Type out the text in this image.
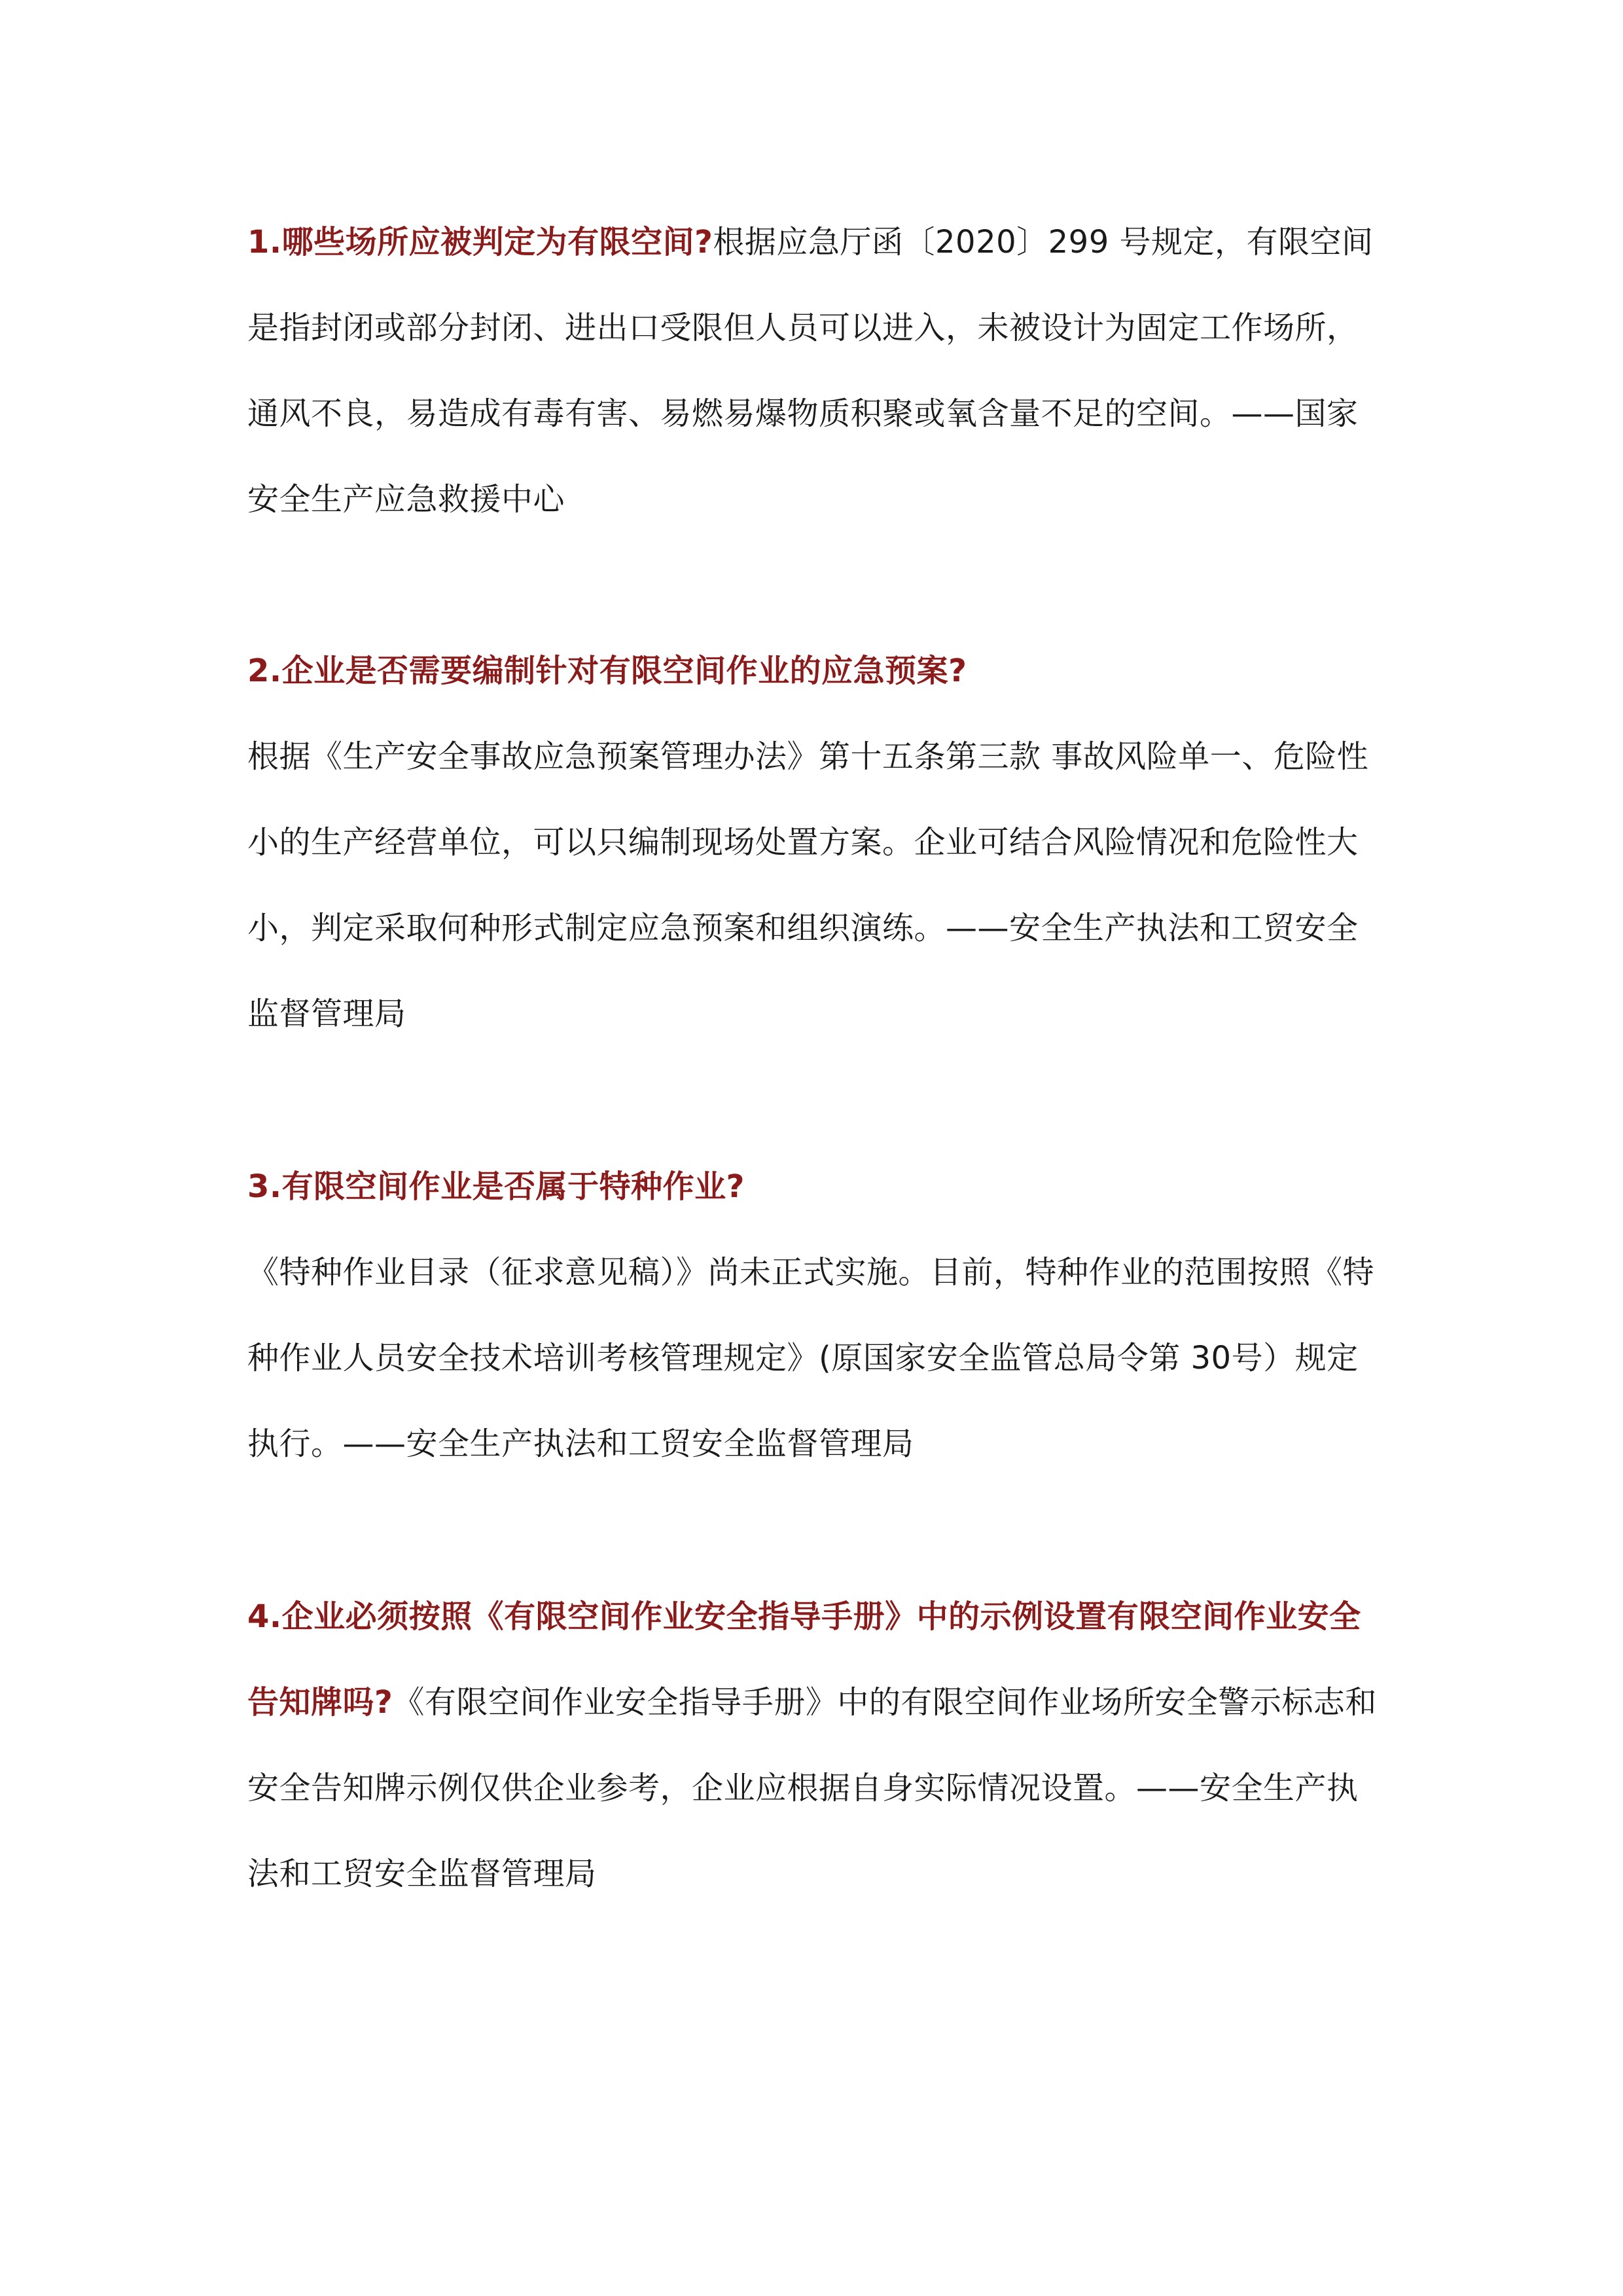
1.哪些场所应被判定为有限空间?根据应急厅函〔2020〕299 号规定，有限空间是指封闭或部分封闭、进出口受限但人员可以进入，未被设计为固定工作场所，通风不良，易造成有毒有害、易燃易爆物质积聚或氧含量不足的空间。——国家安全生产应急救援中心

2.企业是否需要编制针对有限空间作业的应急预案?
根据《生产安全事故应急预案管理办法》第十五条第三款 事故风险单一、危险性小的生产经营单位，可以只编制现场处置方案。企业可结合风险情况和危险性大小，判定采取何种形式制定应急预案和组织演练。——安全生产执法和工贸安全监督管理局
3.有限空间作业是否属于特种作业?
《特种作业目录（征求意见稿）》尚未正式实施。目前，特种作业的范围按照《特种作业人员安全技术培训考核管理规定》(原国家安全监管总局令第 30号）规定执行。——安全生产执法和工贸安全监督管理局

4.企业必须按照《有限空间作业安全指导手册》中的示例设置有限空间作业安全告知牌吗?《有限空间作业安全指导手册》中的有限空间作业场所安全警示标志和安全告知牌示例仅供企业参考，企业应根据自身实际情况设置。——安全生产执法和工贸安全监督管理局
